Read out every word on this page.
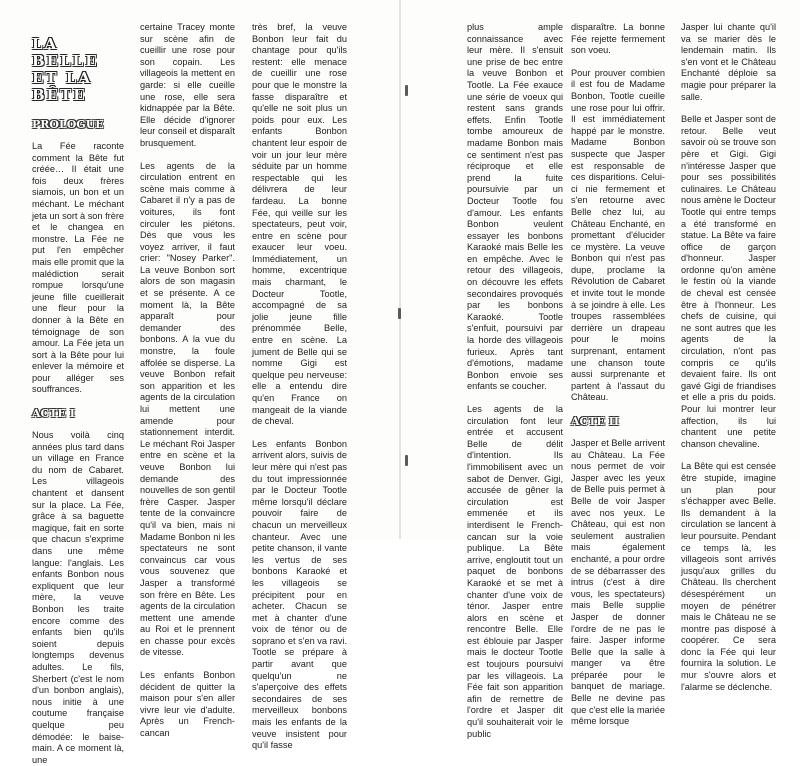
LA BELLE ET LA BÊTE
PROLOGUE

La Fée raconte comment la Bête fut créée… Il était une fois deux frères siamois, un bon et un méchant. Le méchant jeta un sort à son frère et le changea en monstre. La Fée ne put l'en empêcher mais elle promit que la malédiction serait rompue lorsqu'une jeune fille cueillerait une fleur pour la donner à la Bête en témoignage de son amour. La Fée jeta un sort à la Bête pour lui enlever la mémoire et pour alléger ses souffrances.

ACTE I

Nous voilà cinq années plus tard dans un village en France du nom de Cabaret. Les villageois chantent et dansent sur la place. La Fée, grâce à sa baguette magique, fait en sorte que chacun s'exprime dans une même langue: l'anglais. Les enfants Bonbon nous expliquent que leur mère, la veuve Bonbon les traite encore comme des enfants bien qu'ils soient depuis longtemps devenus adultes. Le fils, Sherbert (c'est le nom d'un bonbon anglais), nous initie à une coutume française quelque peu démodée: le baise-main. A ce moment là, une

certaine Tracey monte sur scène afin de cueillir une rose pour son copain. Les villageois la mettent en garde: si elle cueille une rose, elle sera kidnappée par la Bête. Elle décide d'ignorer leur conseil et disparaît brusquement.

Les agents de la circulation entrent en scène mais comme à Cabaret il n'y a pas de voitures, ils font circuler les piétons. Dès que vous les voyez arriver, il faut crier: "Nosey Parker". La veuve Bonbon sort alors de son magasin et se présente. A ce moment là, la Bête apparaît pour demander des bonbons. A la vue du monstre, la foule affolée se disperse. La veuve Bonbon refait son apparition et les agents de la circulation lui mettent une amende pour stationnement interdit. Le méchant Roi Jasper entre en scène et la veuve Bonbon lui demande des nouvelles de son gentil frère Casper. Jasper tente de la convaincre qu'il va bien, mais ni Madame Bonbon ni les spectateurs ne sont convaincus car vous vous souvenez que Jasper a transformé son frère en Bête. Les agents de la circulation mettent une amende au Roi et le prennent en chasse pour excès de vitesse.

Les enfants Bonbon décident de quitter la maison pour s'en aller vivre leur vie d'adulte. Après un French-cancan

très bref, la veuve Bonbon leur fait du chantage pour qu'ils restent: elle menace de cueillir une rose pour que le monstre la fasse disparaître et qu'elle ne soit plus un poids pour eux. Les enfants Bonbon chantent leur espoir de voir un jour leur mère séduite par un homme respectable qui les délivrera de leur fardeau. La bonne Fée, qui veille sur les spectateurs, peut voir, entre en scène pour exaucer leur voeu. Immédiatement, un homme, excentrique mais charmant, le Docteur Tootle, accompagné de sa jolie jeune fille prénommée Belle, entre en scène. La jument de Belle qui se nomme Gigi est quelque peu nerveuse: elle a entendu dire qu'en France on mangeait de la viande de cheval.

Les enfants Bonbon arrivent alors, suivis de leur mère qui n'est pas du tout impressionnée par le Docteur Tootle même lorsqu'il déclare pouvoir faire de chacun un merveilleux chanteur. Avec une petite chanson, il vante les vertus de ses bonbons Karaoké et les villageois se précipitent pour en acheter. Chacun se met à chanter d'une voix de ténor ou de soprano et s'en va ravi. Tootle se prépare à partir avant que quelqu'un ne s'aperçoive des effets secondaires de ses merveilleux bonbons mais les enfants de la veuve insistent pour qu'il fasse

plus ample connaissance avec leur mère. Il s'ensuit une prise de bec entre la veuve Bonbon et Tootle. La Fée exauce une série de voeux qui restent sans grands effets. Enfin Tootle tombe amoureux de madame Bonbon mais ce sentiment n'est pas réciproque et elle prend la fuite poursuivie par un Docteur Tootle fou d'amour. Les enfants Bonbon veulent essayer les bonbons Karaoké mais Belle les en empêche. Avec le retour des villageois, on découvre les effets secondaires provoqués par les bonbons Karaoké. Tootle s'enfuit, poursuivi par la horde des villageois furieux. Après tant d'émotions, madame Bonbon envoie ses enfants se coucher.

Les agents de la circulation font leur entrée et accusent Belle de délit d'intention. Ils l'immobilisent avec un sabot de Denver. Gigi, accusée de gêner la circulation est emmenée et ils interdisent le French-cancan sur la voie publique. La Bête arrive, engloutit tout un paquet de bonbons Karaoké et se met à chanter d'une voix de ténor. Jasper entre alors en scène et rencontre Belle. Elle est éblouie par Jasper mais le docteur Tootle est toujours poursuivi par les villageois. La Fée fait son apparition afin de remettre de l'ordre et Jasper dit qu'il souhaiterait voir le public

disparaître. La bonne Fée rejette fermement son voeu.

Pour prouver combien il est fou de Madame Bonbon, Tootle cueille une rose pour lui offrir. Il est immédiatement happé par le monstre. Madame Bonbon suspecte que Jasper est responsable de ces disparitions. Celui-ci nie fermement et s'en retourne avec Belle chez lui, au Château Enchanté, en promettant d'élucider ce mystère. La veuve Bonbon qui n'est pas dupe, proclame la Révolution de Cabaret et invite tout le monde à se joindre à elle. Les troupes rassemblées derrière un drapeau pour le moins surprenant, entament une chanson toute aussi surprenante et partent à l'assaut du Château.

ACTE II

Jasper et Belle arrivent au Château. La Fée nous permet de voir Jasper avec les yeux de Belle puis permet à Belle de voir Jasper avec nos yeux. Le Château, qui est non seulement australien mais également enchanté, a pour ordre de se débarrasser des intrus (c'est à dire vous, les spectateurs) mais Belle supplie Jasper de donner l'ordre de ne pas le faire. Jasper informe Belle que la salle à manger va être préparée pour le banquet de mariage. Belle ne devine pas que c'est elle la mariée même lorsque

Jasper lui chante qu'il va se marier dès le lendemain matin. Ils s'en vont et le Château Enchanté déploie sa magie pour préparer la salle.

Belle et Jasper sont de retour. Belle veut savoir où se trouve son père et Gigi. Gigi n'intéresse Jasper que pour ses possibilités culinaires. Le Château nous amène le Docteur Tootle qui entre temps a été transformé en statue. La Bête va faire office de garçon d'honneur. Jasper ordonne qu'on amène le festin où la viande de cheval est censée être à l'honneur. Les chefs de cuisine, qui ne sont autres que les agents de la circulation, n'ont pas compris ce qu'ils devaient faire. Ils ont gavé Gigi de friandises et elle a pris du poids. Pour lui montrer leur affection, ils lui chantent une petite chanson chevaline.

La Bête qui est censée être stupide, imagine un plan pour s'échapper avec Belle. Ils demandent à la circulation se lancent à leur poursuite. Pendant ce temps là, les villageois sont arrivés jusqu'aux grilles du Château. Ils cherchent désespérément un moyen de pénétrer mais le Château ne se montre pas disposé à coopérer. Ce sera donc la Fée qui leur fournira la solution. Le mur s'ouvre alors et l'alarme se déclenche.
